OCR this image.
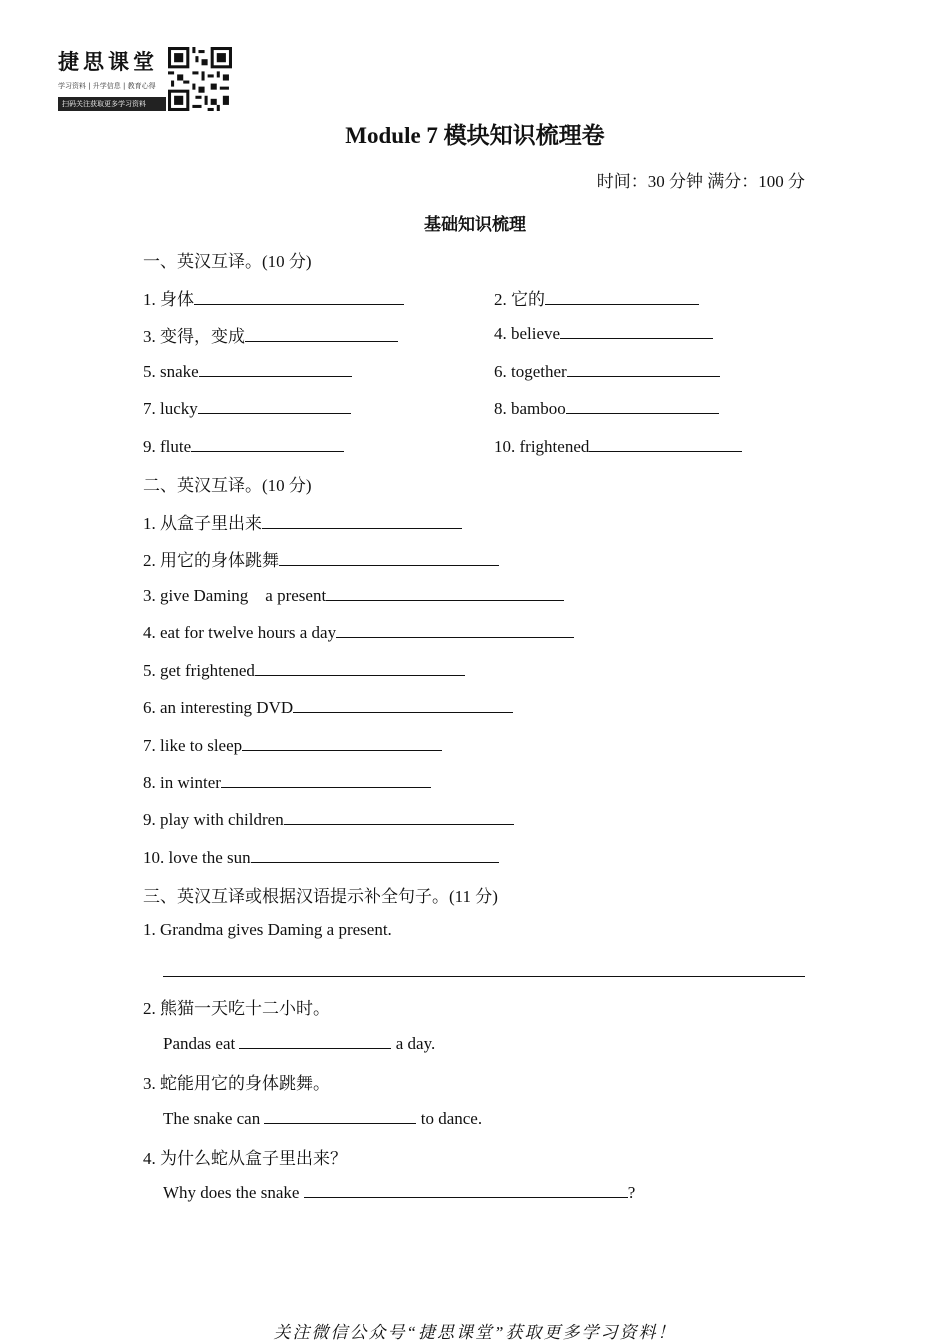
捷思课堂
学习资料 | 升学信息 | 教育心得
扫码关注获取更多学习资料
Module 7 模块知识梳理卷
时间：30 分钟 满分：100 分
基础知识梳理
一、英汉互译。(10 分)
1. 身体	2. 它的
3. 变得，变成	4. believe
5. snake	6. together
7. lucky	8. bamboo
9. flute	10. frightened
二、英汉互译。(10 分)
1. 从盒子里出来
2. 用它的身体跳舞
3. give Daming    a present
4. eat for twelve hours a day
5. get frightened
6. an interesting DVD
7. like to sleep
8. in winter
9. play with children
10. love the sun
三、英汉互译或根据汉语提示补全句子。(11 分)
1. Grandma gives Daming a present.
2. 熊猫一天吃十二小时。
Pandas eat	a day.
3. 蛇能用它的身体跳舞。
The snake can	to dance.
4. 为什么蛇从盒子里出来？
Why does the snake	?
关注微信公众号“捷思课堂”获取更多学习资料！
